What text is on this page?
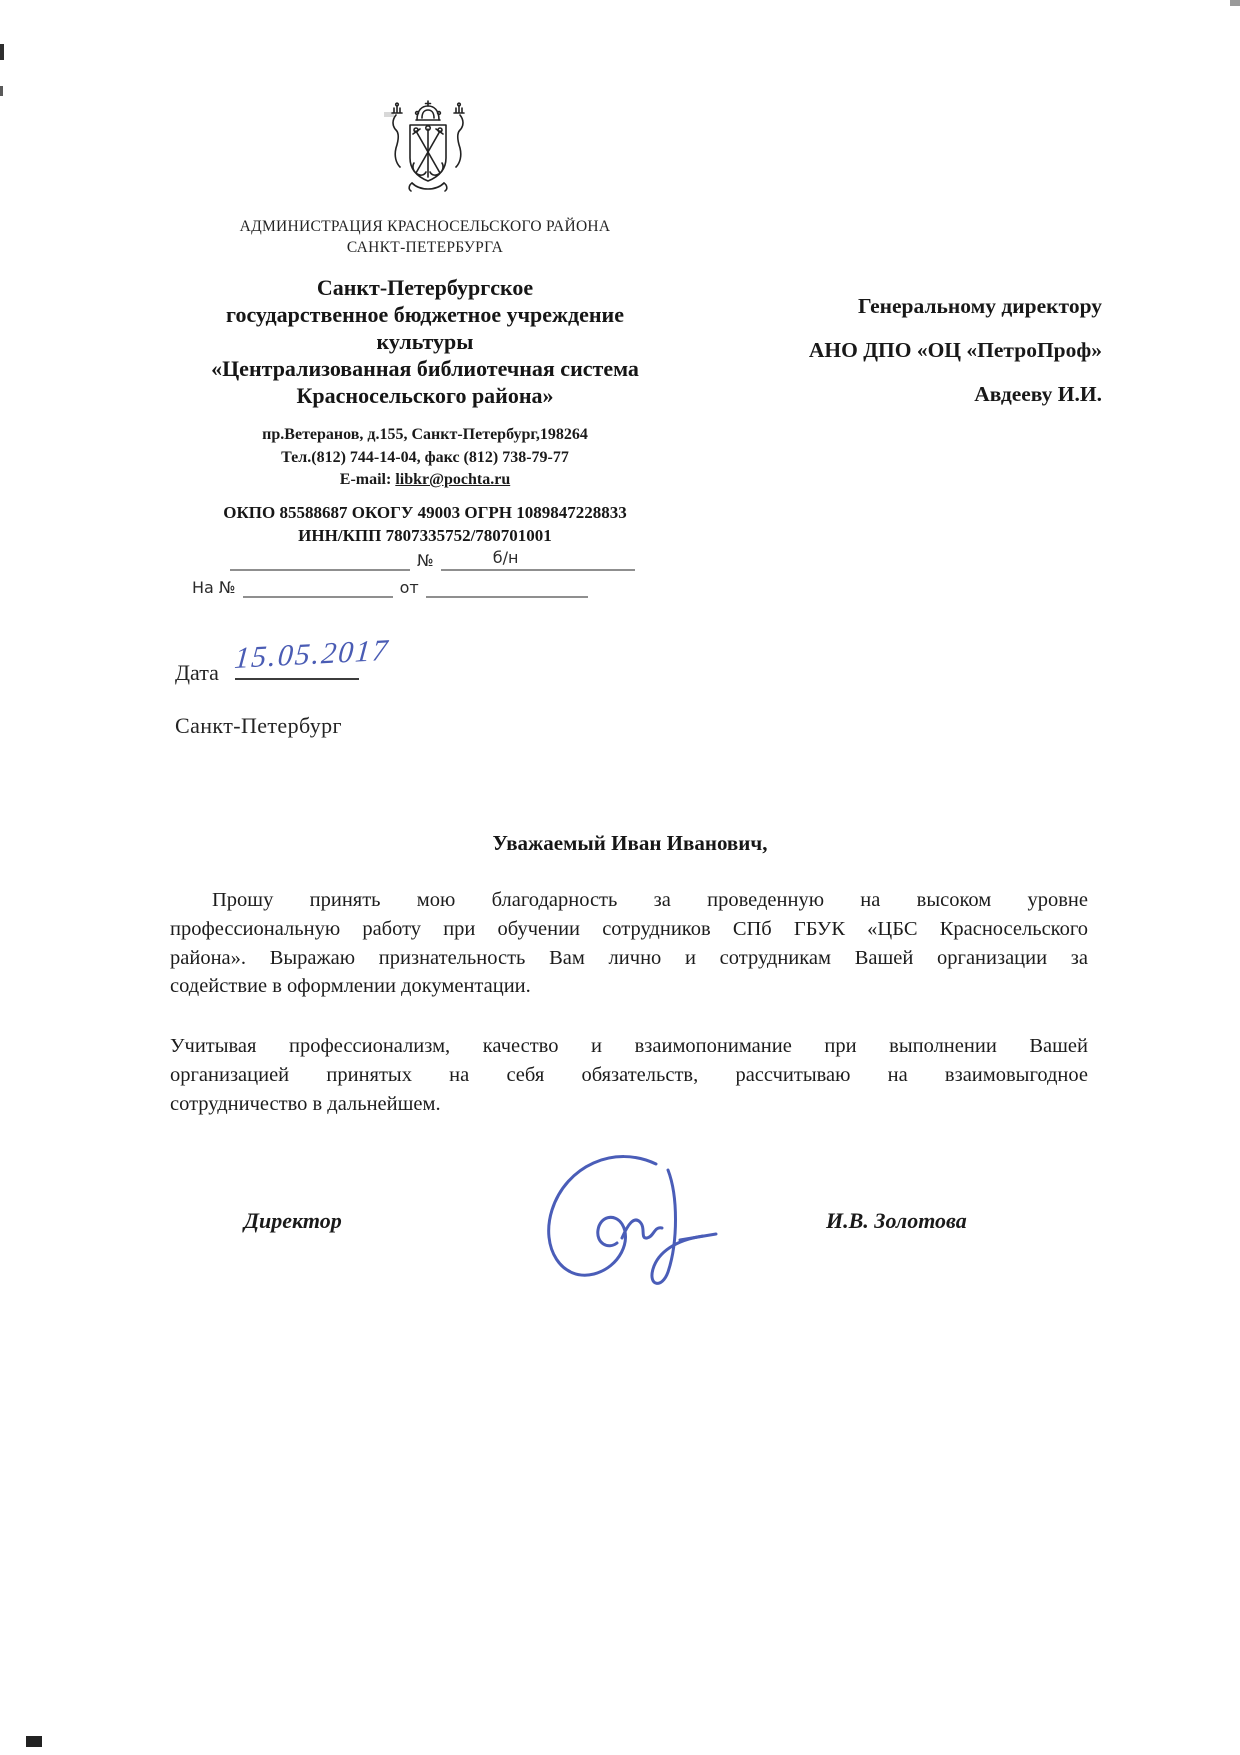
АДМИНИСТРАЦИЯ КРАСНОСЕЛЬСКОГО РАЙОНА
САНКТ-ПЕТЕРБУРГА
Санкт-Петербургское
государственное бюджетное учреждение
культуры
«Централизованная библиотечная система
Красносельского района»
пр.Ветеранов, д.155, Санкт-Петербург,198264
Тел.(812) 744-14-04, факс (812) 738-79-77
E-mail: libkr@pochta.ru
ОКПО 85588687 ОКОГУ 49003 ОГРН 1089847228833
ИНН/КПП 7807335752/780701001
Генеральному директору
АНО ДПО «ОЦ «ПетроПроф»
Авдееву И.И.
№	б/н
На №	от
Дата 15.05.2017
Санкт-Петербург
Уважаемый Иван Иванович,
Прошу принять мою благодарность за проведенную на высоком уровне
профессиональную работу при обучении сотрудников СПб ГБУК «ЦБС Красносельского
района». Выражаю признательность Вам лично и сотрудникам Вашей организации за
содействие в оформлении документации.
Учитывая профессионализм, качество и взаимопонимание при выполнении Вашей
организацией принятых на себя обязательств, рассчитываю на взаимовыгодное
сотрудничество в дальнейшем.
Директор	И.В. Золотова
